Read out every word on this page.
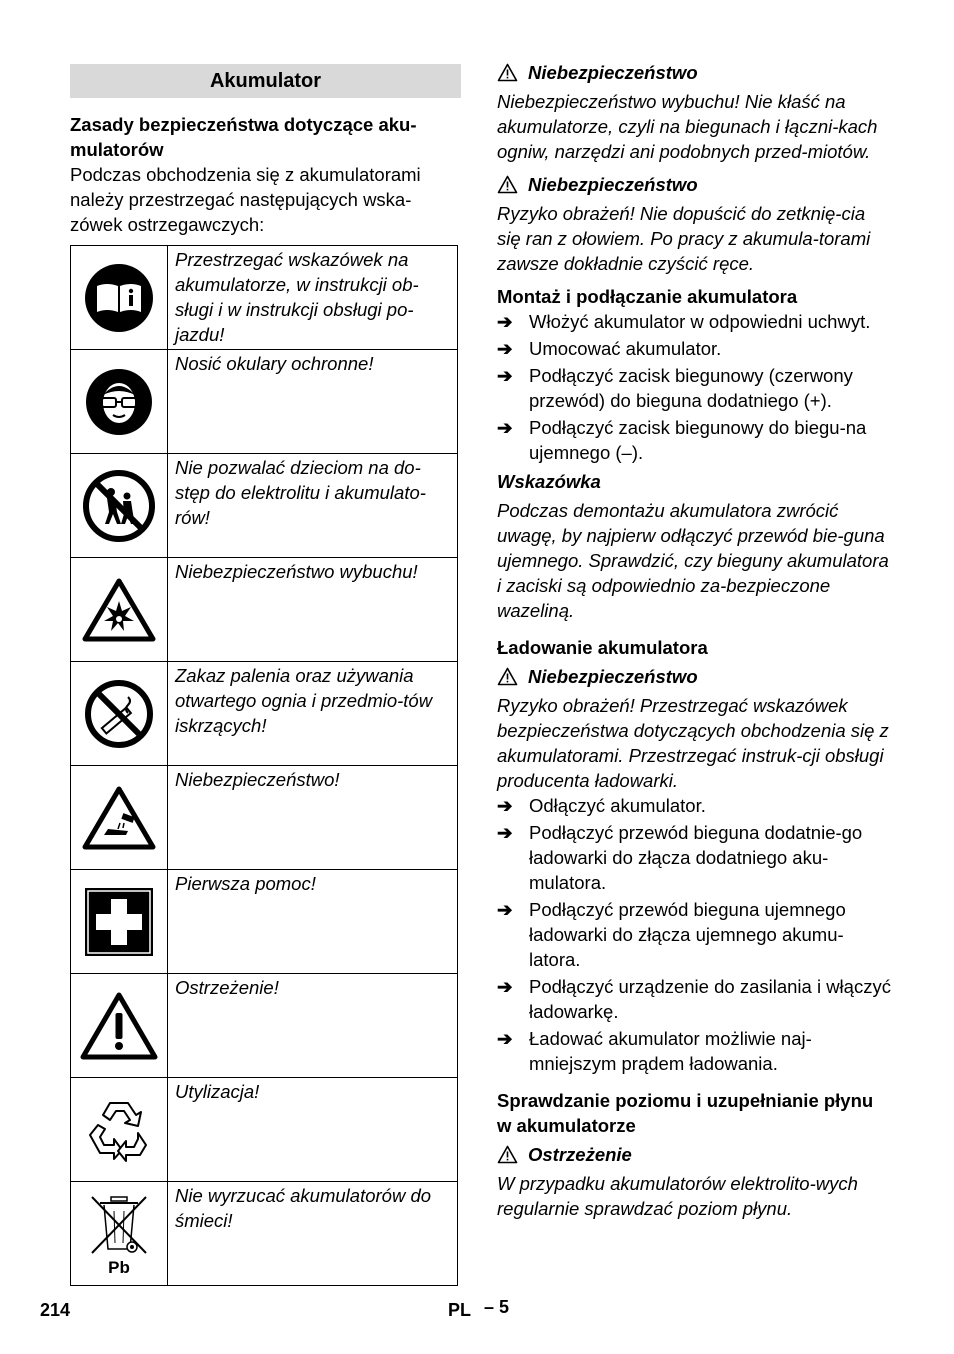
Akumulator
Zasady bezpieczeństwa dotyczące aku-
mulatorów

Podczas obchodzenia się z akumulatorami należy przestrzegać następujących wska-zówek ostrzegawczych:

	Przestrzegać wskazówek na akumulatorze, w instrukcji ob-sługi i w instrukcji obsługi po-jazdu!

	Nosić okulary ochronne!

	Nie pozwalać dzieciom na do-stęp do elektrolitu i akumulato-rów!

	Niebezpieczeństwo wybuchu!

	Zakaz palenia oraz używania otwartego ognia i przedmio-tów iskrzących!

	Niebezpieczeństwo!

	Pierwsza pomoc!

	Ostrzeżenie!

	Utylizacja!

Pb	Nie wyrzucać akumulatorów do śmieci!
Niebezpieczeństwo

Niebezpieczeństwo wybuchu! Nie kłaść na akumulatorze, czyli na biegunach i łączni-kach ogniw, narzędzi ani podobnych przed-miotów.

Niebezpieczeństwo

Ryzyko obrażeń! Nie dopuścić do zetknię-cia się ran z ołowiem. Po pracy z akumula-torami zawsze dokładnie czyścić ręce.

Montaż i podłączanie akumulatora
➔ Włożyć akumulator w odpowiedni uchwyt.
➔ Umocować akumulator.
➔ Podłączyć zacisk biegunowy (czerwony przewód) do bieguna dodatniego (+).
➔ Podłączyć zacisk biegunowy do biegu-na ujemnego (–).
Wskazówka

Podczas demontażu akumulatora zwrócić uwagę, by najpierw odłączyć przewód bie-guna ujemnego. Sprawdzić, czy bieguny akumulatora i zaciski są odpowiednio za-bezpieczone wazeliną.

Ładowanie akumulatora
Niebezpieczeństwo

Ryzyko obrażeń! Przestrzegać wskazówek bezpieczeństwa dotyczących obchodzenia się z akumulatorami. Przestrzegać instruk-cji obsługi producenta ładowarki.

➔ Odłączyć akumulator.
➔ Podłączyć przewód bieguna dodatnie-go ładowarki do złącza dodatniego aku-mulatora.
➔ Podłączyć przewód bieguna ujemnego ładowarki do złącza ujemnego akumu-latora.
➔ Podłączyć urządzenie do zasilania i włączyć ładowarkę.
➔ Ładować akumulator możliwie naj-mniejszym prądem ładowania.
Sprawdzanie poziomu i uzupełnianie płynu w akumulatorze
Ostrzeżenie

W przypadku akumulatorów elektrolito-wych regularnie sprawdzać poziom płynu.

214	PL – 5
